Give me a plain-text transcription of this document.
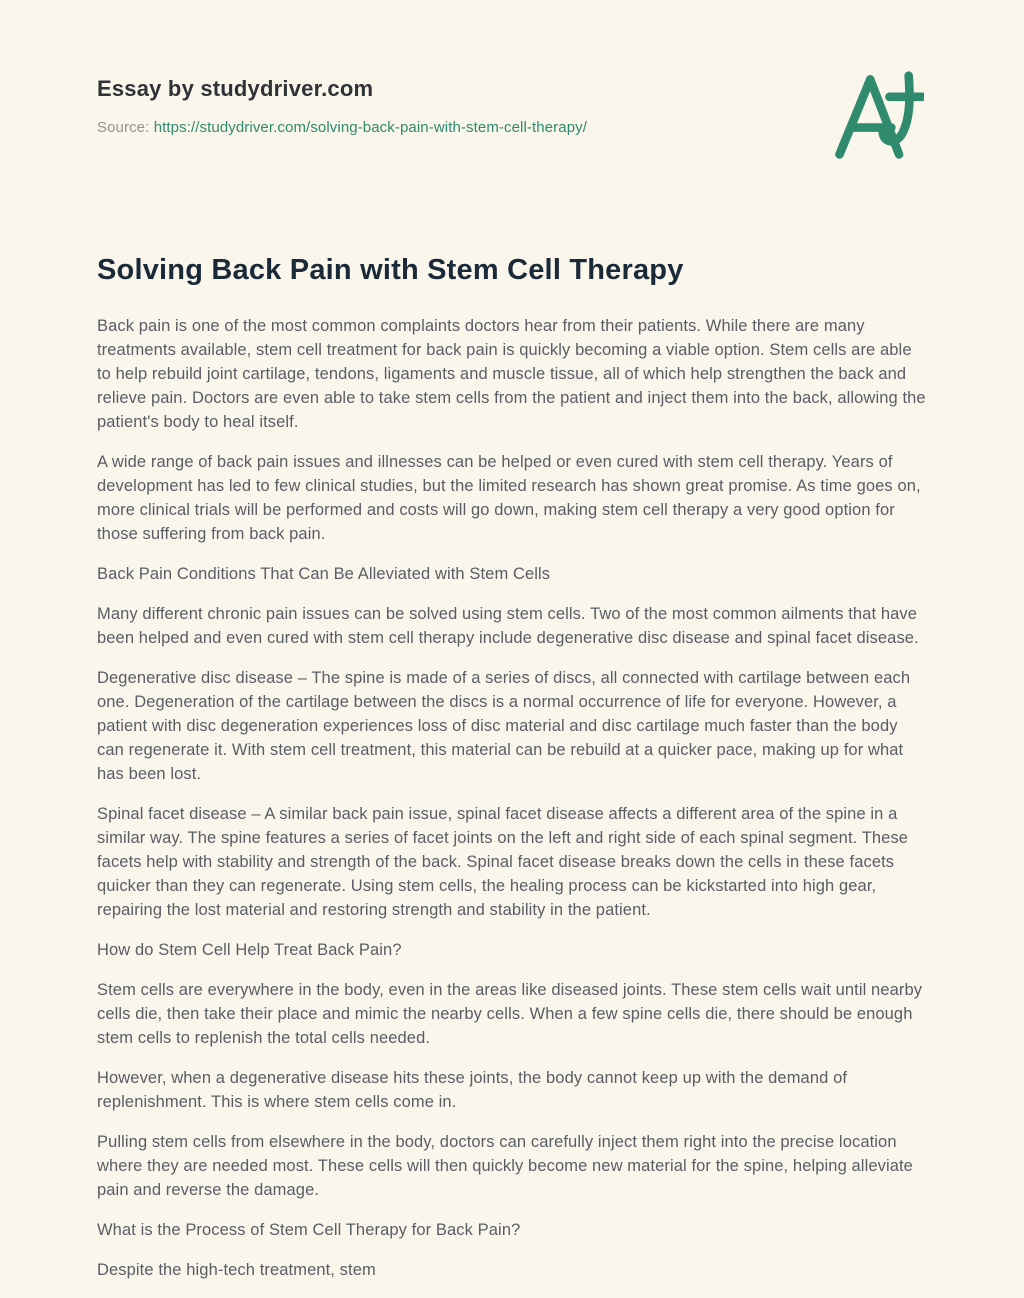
Essay by studydriver.com
Source: https://studydriver.com/solving-back-pain-with-stem-cell-therapy/
Solving Back Pain with Stem Cell Therapy

Back pain is one of the most common complaints doctors hear from their patients. While there are many treatments available, stem cell treatment for back pain is quickly becoming a viable option. Stem cells are able to help rebuild joint cartilage, tendons, ligaments and muscle tissue, all of which help strengthen the back and relieve pain. Doctors are even able to take stem cells from the patient and inject them into the back, allowing the patient's body to heal itself.

A wide range of back pain issues and illnesses can be helped or even cured with stem cell therapy. Years of development has led to few clinical studies, but the limited research has shown great promise. As time goes on, more clinical trials will be performed and costs will go down, making stem cell therapy a very good option for those suffering from back pain.

Back Pain Conditions That Can Be Alleviated with Stem Cells

Many different chronic pain issues can be solved using stem cells. Two of the most common ailments that have been helped and even cured with stem cell therapy include degenerative disc disease and spinal facet disease.

Degenerative disc disease – The spine is made of a series of discs, all connected with cartilage between each one. Degeneration of the cartilage between the discs is a normal occurrence of life for everyone. However, a patient with disc degeneration experiences loss of disc material and disc cartilage much faster than the body can regenerate it. With stem cell treatment, this material can be rebuild at a quicker pace, making up for what has been lost.

Spinal facet disease – A similar back pain issue, spinal facet disease affects a different area of the spine in a similar way. The spine features a series of facet joints on the left and right side of each spinal segment. These facets help with stability and strength of the back. Spinal facet disease breaks down the cells in these facets quicker than they can regenerate. Using stem cells, the healing process can be kickstarted into high gear, repairing the lost material and restoring strength and stability in the patient.

How do Stem Cell Help Treat Back Pain?

Stem cells are everywhere in the body, even in the areas like diseased joints. These stem cells wait until nearby cells die, then take their place and mimic the nearby cells. When a few spine cells die, there should be enough stem cells to replenish the total cells needed.

However, when a degenerative disease hits these joints, the body cannot keep up with the demand of replenishment. This is where stem cells come in.

Pulling stem cells from elsewhere in the body, doctors can carefully inject them right into the precise location where they are needed most. These cells will then quickly become new material for the spine, helping alleviate pain and reverse the damage.

What is the Process of Stem Cell Therapy for Back Pain?

Despite the high-tech treatment, stem
